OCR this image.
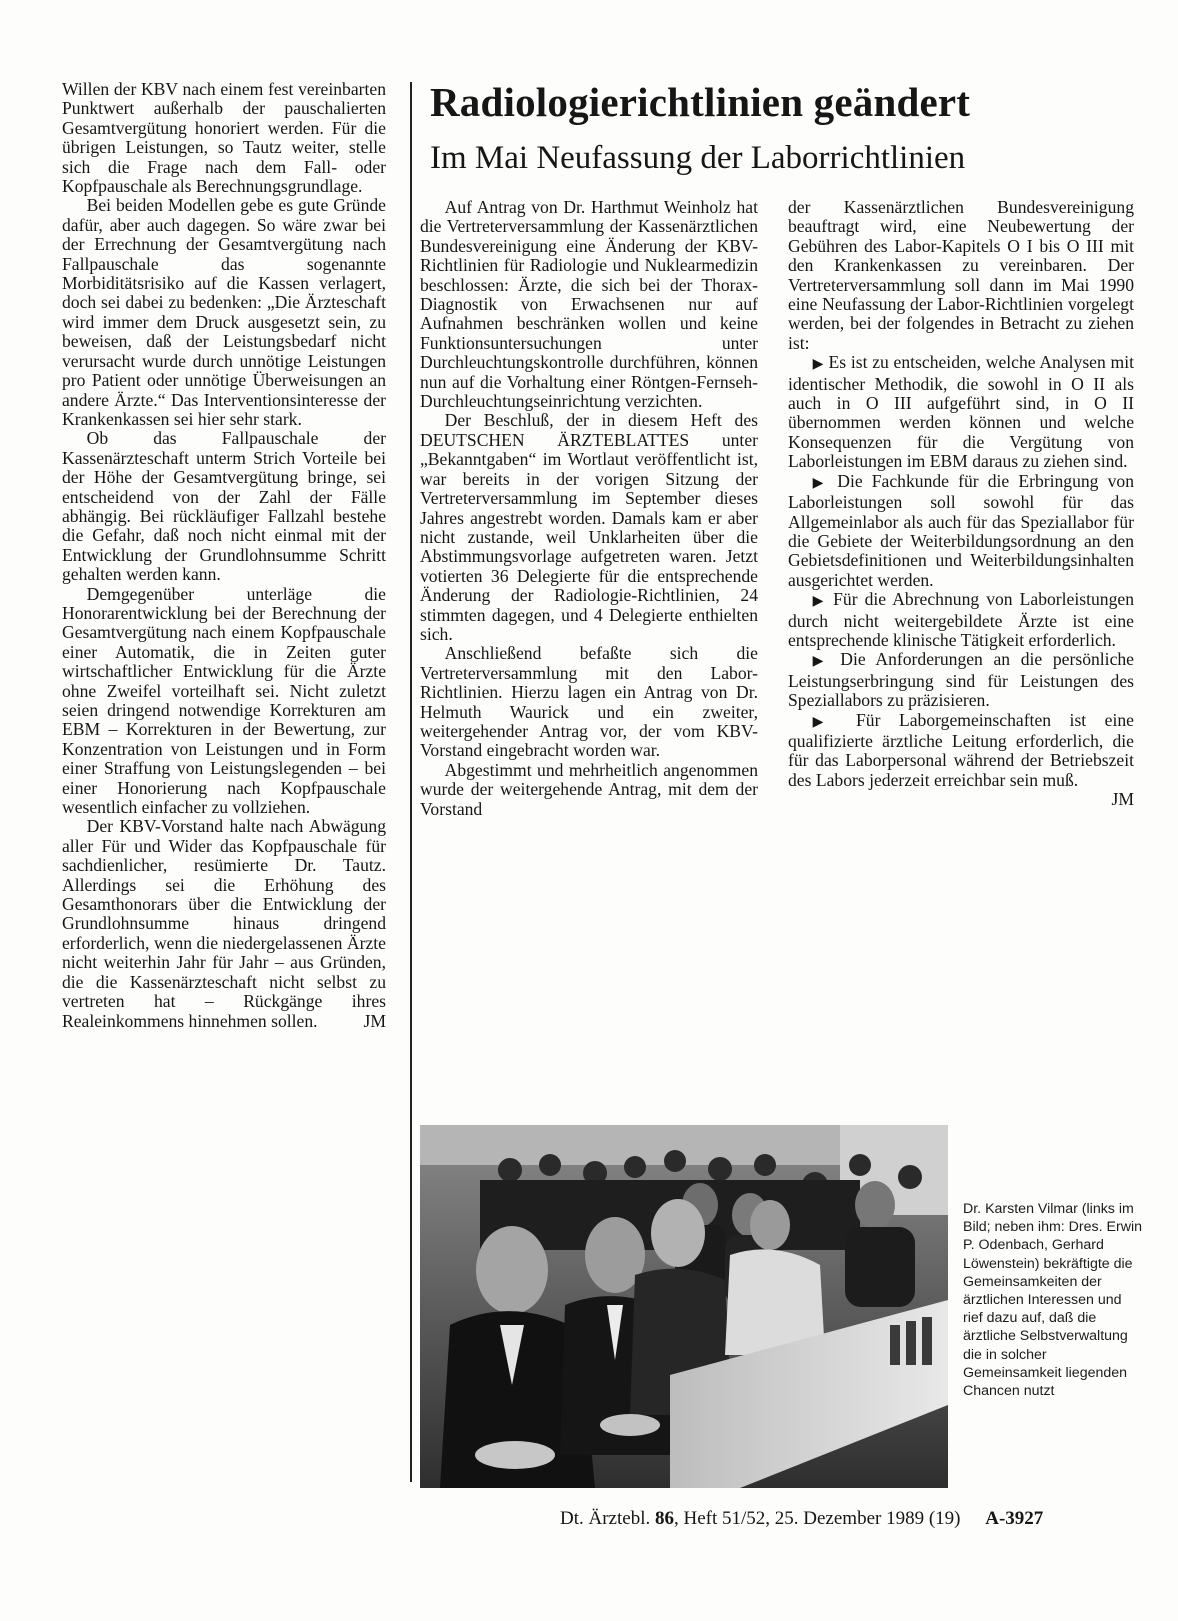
Willen der KBV nach einem fest vereinbarten Punktwert außerhalb der pauschalierten Gesamtvergütung honoriert werden. Für die übrigen Leistungen, so Tautz weiter, stelle sich die Frage nach dem Fall- oder Kopfpauschale als Berechnungsgrundlage.

Bei beiden Modellen gebe es gute Gründe dafür, aber auch dagegen. So wäre zwar bei der Errechnung der Gesamtvergütung nach Fallpauschale das sogenannte Morbiditätsrisiko auf die Kassen verlagert, doch sei dabei zu bedenken: „Die Ärzteschaft wird immer dem Druck ausgesetzt sein, zu beweisen, daß der Leistungsbedarf nicht verursacht wurde durch unnötige Leistungen pro Patient oder unnötige Überweisungen an andere Ärzte.“ Das Interventionsinteresse der Krankenkassen sei hier sehr stark.

Ob das Fallpauschale der Kassenärzteschaft unterm Strich Vorteile bei der Höhe der Gesamtvergütung bringe, sei entscheidend von der Zahl der Fälle abhängig. Bei rückläufiger Fallzahl bestehe die Gefahr, daß noch nicht einmal mit der Entwicklung der Grundlohnsumme Schritt gehalten werden kann.

Demgegenüber unterläge die Honorarentwicklung bei der Berechnung der Gesamtvergütung nach einem Kopfpauschale einer Automatik, die in Zeiten guter wirtschaftlicher Entwicklung für die Ärzte ohne Zweifel vorteilhaft sei. Nicht zuletzt seien dringend notwendige Korrekturen am EBM – Korrekturen in der Bewertung, zur Konzentration von Leistungen und in Form einer Straffung von Leistungslegenden – bei einer Honorierung nach Kopfpauschale wesentlich einfacher zu vollziehen.

Der KBV-Vorstand halte nach Abwägung aller Für und Wider das Kopfpauschale für sachdienlicher, resümierte Dr. Tautz. Allerdings sei die Erhöhung des Gesamthonorars über die Entwicklung der Grundlohnsumme hinaus dringend erforderlich, wenn die niedergelassenen Ärzte nicht weiterhin Jahr für Jahr – aus Gründen, die die Kassenärzteschaft nicht selbst zu vertreten hat – Rückgänge ihres Realeinkommens hinnehmen sollen.	JM

Radiologierichtlinien geändert
Im Mai Neufassung der Laborrichtlinien

Auf Antrag von Dr. Harthmut Weinholz hat die Vertreterversammlung der Kassenärztlichen Bundesvereinigung eine Änderung der KBV-Richtlinien für Radiologie und Nuklearmedizin beschlossen: Ärzte, die sich bei der Thorax-Diagnostik von Erwachsenen nur auf Aufnahmen beschränken wollen und keine Funktionsuntersuchungen unter Durchleuchtungskontrolle durchführen, können nun auf die Vorhaltung einer Röntgen-Fernseh-Durchleuchtungseinrichtung verzichten.

Der Beschluß, der in diesem Heft des DEUTSCHEN ÄRZTEBLATTES unter „Bekanntgaben“ im Wortlaut veröffentlicht ist, war bereits in der vorigen Sitzung der Vertreterversammlung im September dieses Jahres angestrebt worden. Damals kam er aber nicht zustande, weil Unklarheiten über die Abstimmungsvorlage aufgetreten waren. Jetzt votierten 36 Delegierte für die entsprechende Änderung der Radiologie-Richtlinien, 24 stimmten dagegen, und 4 Delegierte enthielten sich.

Anschließend befaßte sich die Vertreterversammlung mit den Labor-Richtlinien. Hierzu lagen ein Antrag von Dr. Helmuth Waurick und ein zweiter, weitergehender Antrag vor, der vom KBV-Vorstand eingebracht worden war.

Abgestimmt und mehrheitlich angenommen wurde der weitergehende Antrag, mit dem der Vorstand

der Kassenärztlichen Bundesvereinigung beauftragt wird, eine Neubewertung der Gebühren des Labor-Kapitels O I bis O III mit den Krankenkassen zu vereinbaren. Der Vertreterversammlung soll dann im Mai 1990 eine Neufassung der Labor-Richtlinien vorgelegt werden, bei der folgendes in Betracht zu ziehen ist:

▶ Es ist zu entscheiden, welche Analysen mit identischer Methodik, die sowohl in O II als auch in O III aufgeführt sind, in O II übernommen werden können und welche Konsequenzen für die Vergütung von Laborleistungen im EBM daraus zu ziehen sind.

▶ Die Fachkunde für die Erbringung von Laborleistungen soll sowohl für das Allgemeinlabor als auch für das Speziallabor für die Gebiete der Weiterbildungsordnung an den Gebietsdefinitionen und Weiterbildungsinhalten ausgerichtet werden.

▶ Für die Abrechnung von Laborleistungen durch nicht weitergebildete Ärzte ist eine entsprechende klinische Tätigkeit erforderlich.

▶ Die Anforderungen an die persönliche Leistungserbringung sind für Leistungen des Speziallabors zu präzisieren.

▶ Für Laborgemeinschaften ist eine qualifizierte ärztliche Leitung erforderlich, die für das Laborpersonal während der Betriebszeit des Labors jederzeit erreichbar sein muß.

JM

Dr. Karsten Vilmar (links im Bild; neben ihm: Dres. Erwin P. Odenbach, Gerhard Löwenstein) bekräftigte die Gemeinsamkeiten der ärztlichen Interessen und rief dazu auf, daß die ärztliche Selbstverwaltung die in solcher Gemeinsamkeit liegenden Chancen nutzt
Dt. Ärztebl. 86, Heft 51/52, 25. Dezember 1989 (19) A-3927
